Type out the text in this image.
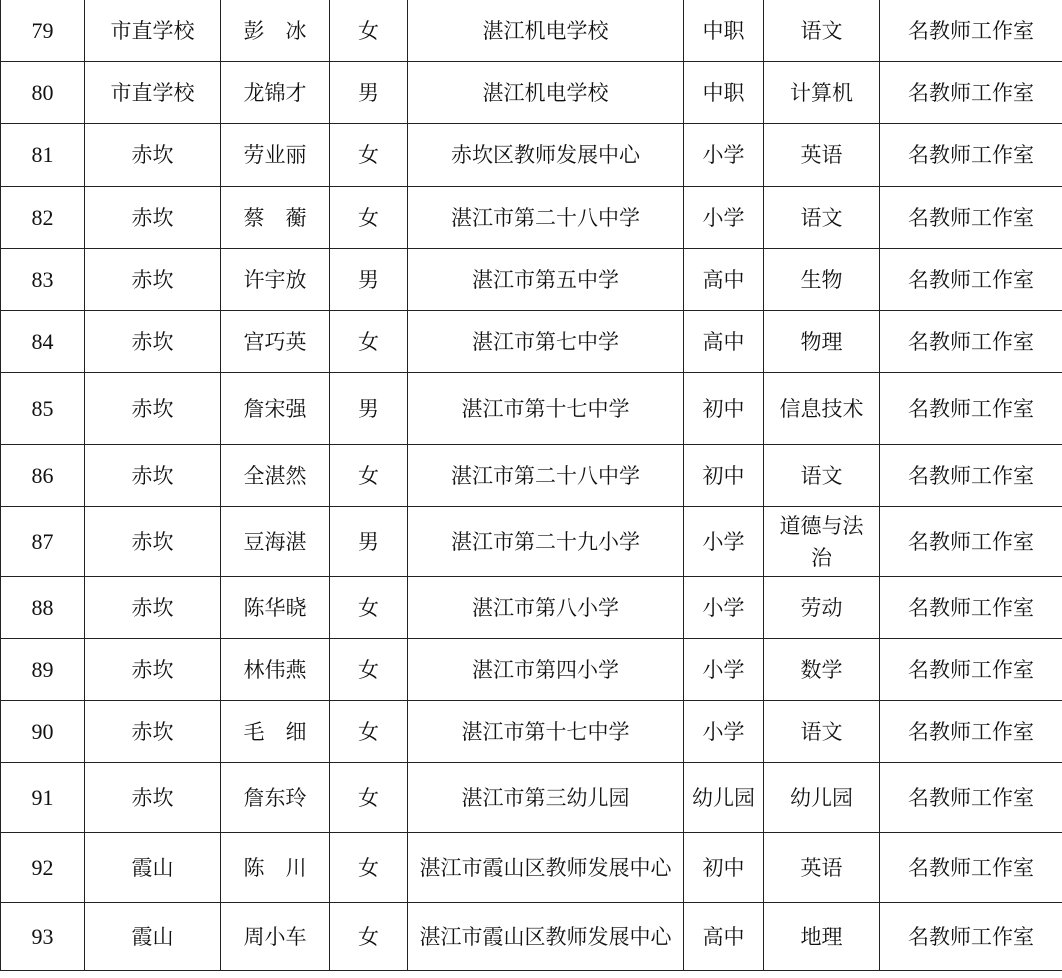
79	市直学校	彭　冰	女	湛江机电学校	中职	语文	名教师工作室
80	市直学校	龙锦才	男	湛江机电学校	中职	计算机	名教师工作室
81	赤坎	劳业丽	女	赤坎区教师发展中心	小学	英语	名教师工作室
82	赤坎	蔡　蘅	女	湛江市第二十八中学	小学	语文	名教师工作室
83	赤坎	许宇放	男	湛江市第五中学	高中	生物	名教师工作室
84	赤坎	宫巧英	女	湛江市第七中学	高中	物理	名教师工作室
85	赤坎	詹宋强	男	湛江市第十七中学	初中	信息技术	名教师工作室
86	赤坎	全湛然	女	湛江市第二十八中学	初中	语文	名教师工作室
87	赤坎	豆海湛	男	湛江市第二十九小学	小学	道德与法治	名教师工作室
88	赤坎	陈华晓	女	湛江市第八小学	小学	劳动	名教师工作室
89	赤坎	林伟燕	女	湛江市第四小学	小学	数学	名教师工作室
90	赤坎	毛　细	女	湛江市第十七中学	小学	语文	名教师工作室
91	赤坎	詹东玲	女	湛江市第三幼儿园	幼儿园	幼儿园	名教师工作室
92	霞山	陈　川	女	湛江市霞山区教师发展中心	初中	英语	名教师工作室
93	霞山	周小车	女	湛江市霞山区教师发展中心	高中	地理	名教师工作室
